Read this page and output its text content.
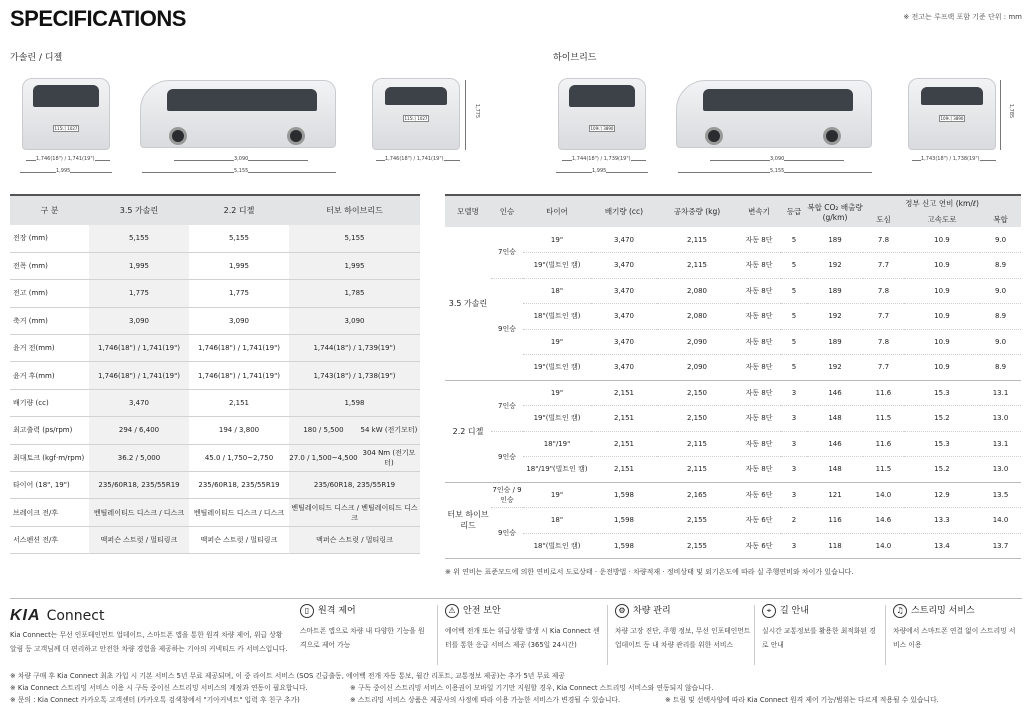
SPECIFICATIONS	※ 전고는 루프랙 포함 기준 단위 : mm
가솔린 / 디젤	하이브리드
115너 1027
115너 1027
1,775
1,746(18") / 1,741(19")
1,995
3,090
5,155
1,746(18") / 1,741(19")
109너 3890
109너 3890
1,785
1,744(18") / 1,739(19")
1,995
3,090
5,155
1,743(18") / 1,738(19")
구 분	3.5 가솔린	2.2 디젤	터보 하이브리드	
전장 (mm)	5,155	5,155	5,155	
전폭 (mm)	1,995	1,995	1,995	
전고 (mm)	1,775	1,775	1,785	
축거 (mm)	3,090	3,090	3,090	
윤거 전(mm)	1,746(18") / 1,741(19")	1,746(18") / 1,741(19")	1,744(18") / 1,739(19")	
윤거 후(mm)	1,746(18") / 1,741(19")	1,746(18") / 1,741(19")	1,743(18") / 1,738(19")	
배기량 (cc)	3,470	2,151	1,598	
최고출력 (ps/rpm)	294 / 6,400	194 / 3,800	180 / 5,500	54 kW (전기모터)
최대토크 (kgf·m/rpm)	36.2 / 5,000	45.0 / 1,750~2,750	27.0 / 1,500~4,500	304 Nm (전기모터)
타이어 (18", 19")	235/60R18, 235/55R19	235/60R18, 235/55R19	235/60R18, 235/55R19	
브레이크 전/후	벤틸레이티드 디스크 / 디스크	벤틸레이티드 디스크 / 디스크	벤틸레이티드 디스크 / 벤틸레이티드 디스크	
서스펜션 전/후	맥퍼슨 스트럿 / 멀티링크	맥퍼슨 스트럿 / 멀티링크	맥퍼슨 스트럿 / 멀티링크	
모델명	인승	타이어	배기량 (cc)	공차중량 (kg)	변속기	등급	복합 CO₂ 배출량 (g/km)	정부 신고 연비 (km/ℓ)		
								도심	고속도로	복합
3.5 가솔린	7인승	19"	3,470	2,115	자동 8단	5	189	7.8	10.9	9.0
		19"(빌트인 캠)	3,470	2,115	자동 8단	5	192	7.7	10.9	8.9
	9인승	18"	3,470	2,080	자동 8단	5	189	7.8	10.9	9.0
		18"(빌트인 캠)	3,470	2,080	자동 8단	5	192	7.7	10.9	8.9
		19"	3,470	2,090	자동 8단	5	189	7.8	10.9	9.0
		19"(빌트인 캠)	3,470	2,090	자동 8단	5	192	7.7	10.9	8.9
2.2 디젤	7인승	19"	2,151	2,150	자동 8단	3	146	11.6	15.3	13.1
		19"(빌트인 캠)	2,151	2,150	자동 8단	3	148	11.5	15.2	13.0
	9인승	18"/19"	2,151	2,115	자동 8단	3	146	11.6	15.3	13.1
		18"/19"(빌트인 캠)	2,151	2,115	자동 8단	3	148	11.5	15.2	13.0
터보 하이브리드	7인승 / 9인승	19"	1,598	2,165	자동 6단	3	121	14.0	12.9	13.5
	9인승	18"	1,598	2,155	자동 6단	2	116	14.6	13.3	14.0
		18"(빌트인 캠)	1,598	2,155	자동 6단	3	118	14.0	13.4	13.7
※ 위 연비는 표준모드에 의한 연비로서 도로상태 · 운전방법 · 차량적재 · 정비상태 및 외기온도에 따라 실 주행연비와 차이가 있습니다.
KIA Connect
Kia Connect는 무선 인포테인먼트 업데이트, 스마트폰 앱을 통한 원격 차량 제어, 위급 상황 알림 등 고객님께 더 편리하고 안전한 차량 경험을 제공하는 기아의 커넥티드 카 서비스입니다.
▯ 원격 제어
스마트폰 앱으로 차량 내 다양한 기능을 원격으로 제어 가능
⚠ 안전 보안
에어백 전개 또는 위급상황 발생 시 Kia Connect 센터를 통한 응급 서비스 제공 (365일 24시간)
⚙ 차량 관리
차량 고장 진단, 주행 정보, 무선 인포테인먼트 업데이트 등 내 차량 관리를 위한 서비스
⌖ 길 안내
실시간 교통정보를 활용한 최적화된 경로 안내
♫ 스트리밍 서비스
차량에서 스마트폰 연결 없이 스트리밍 서비스 이용
※ 차량 구매 후 Kia Connect 최초 가입 시 기본 서비스 5년 무료 제공되며, 이 중 라이트 서비스 (SOS 긴급출동, 에어백 전개 자동 통보, 월간 리포트, 교통정보 제공)는 추가 5년 무료 제공
※ Kia Connect 스트리밍 서비스 이용 시 구독 중이신 스트리밍 서비스의 계정과 연동이 필요합니다.	※ 구독 중이신 스트리밍 서비스 이용권이 모바일 기기만 지원할 경우, Kia Connect 스트리밍 서비스와 연동되지 않습니다.
※ 문의 : Kia Connect 카카오톡 고객센터 (카카오톡 검색창에서 "기아커넥트" 입력 후 친구 추가)	※ 스트리밍 서비스 상품은 제공사의 사정에 따라 이용 가능한 서비스가 변경될 수 있습니다.	※ 트림 및 선택사양에 따라 Kia Connect 원격 제어 기능/범위는 다르게 적용될 수 있습니다.
